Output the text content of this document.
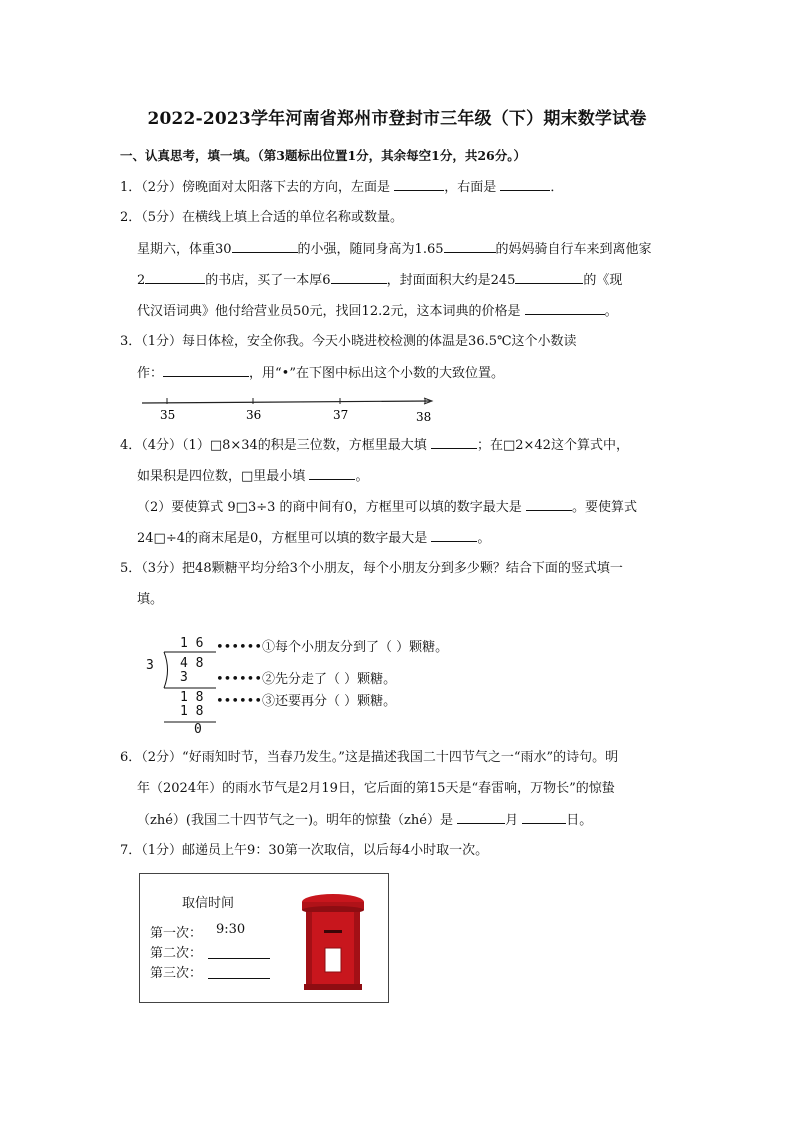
2022-2023学年河南省郑州市登封市三年级（下）期末数学试卷
一、认真思考，填一填。（第3题标出位置1分，其余每空1分，共26分。）
1．（2分）傍晚面对太阳落下去的方向，左面是	，右面是	．
2．（5分）在横线上填上合适的单位名称或数量。
星期六，体重30	的小强，随同身高为1.65	的妈妈骑自行车来到离他家
2	的书店，买了一本厚6	，封面面积大约是245	的《现
代汉语词典》他付给营业员50元，找回12.2元，这本词典的价格是	。
3．（1分）每日体检，安全你我。今天小晓进校检测的体温是36.5℃这个小数读
作：	，用“•”在下图中标出这个小数的大致位置。
35	36	37	38
4．（4分）（1）□8×34的积是三位数，方框里最大填	；在□2×42这个算式中，
如果积是四位数，□里最小填	。
（2）要使算式 9□3÷3 的商中间有0，方框里可以填的数字最大是	。要使算式
24□÷4的商末尾是0，方框里可以填的数字最大是	。
5．（3分）把48颗糖平均分给3个小朋友，每个小朋友分到多少颗？结合下面的竖式填一
填。
1 6
3 4 8
3
1 8
1 8
0
••••••①每个小朋友分到了（ ）颗糖。
••••••②先分走了（ ）颗糖。
••••••③还要再分（ ）颗糖。
6．（2分）“好雨知时节，当春乃发生。”这是描述我国二十四节气之一“雨水”的诗句。明
年（2024年）的雨水节气是2月19日，它后面的第15天是“春雷响，万物长”的惊蛰
（zhé）(我国二十四节气之一)。明年的惊蛰（zhé）是	月	日。
7．（1分）邮递员上午9：30第一次取信，以后每4小时取一次。
取信时间
第一次： 9:30
第二次：
第三次：
